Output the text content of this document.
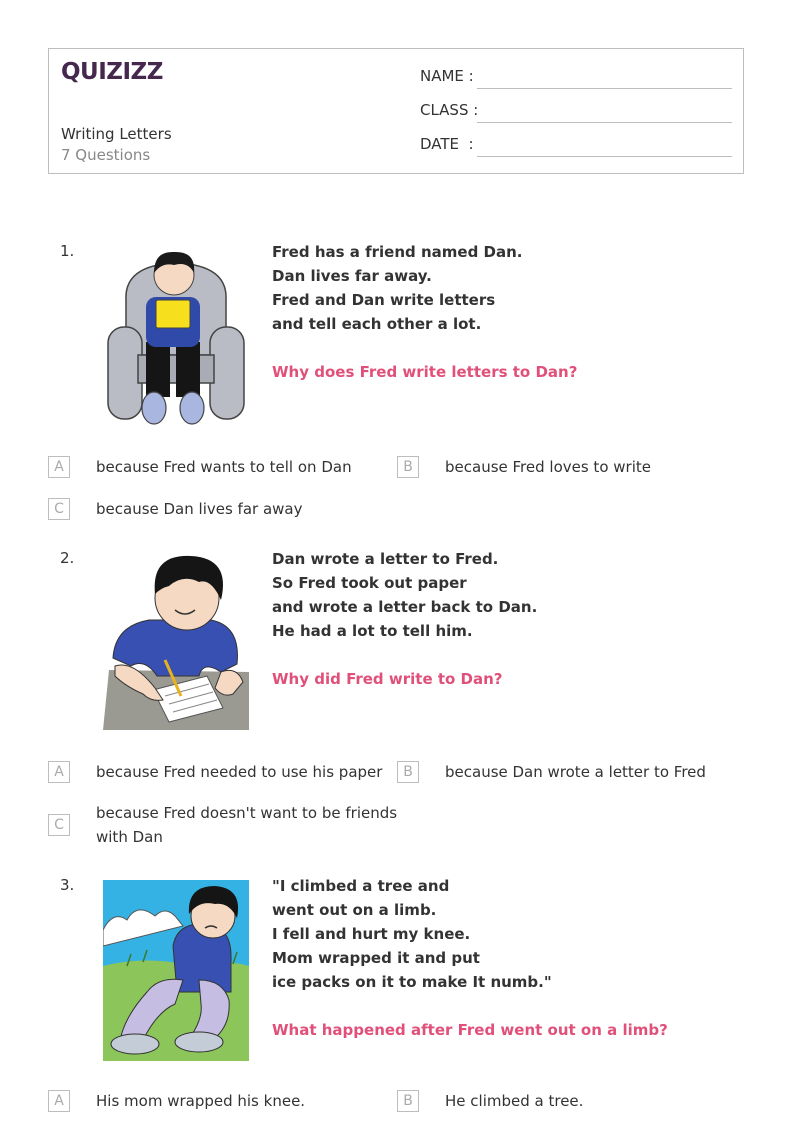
QUIZIZZ
Writing Letters
7 Questions
NAME :
CLASS :
DATE  :
1.	Fred has a friend named Dan.
Dan lives far away.
Fred and Dan write letters
and tell each other a lot.
Why does Fred write letters to Dan?
A	because Fred wants to tell on Dan	B	because Fred loves to write
C	because Dan lives far away
2.	Dan wrote a letter to Fred.
So Fred took out paper
and wrote a letter back to Dan.
He had a lot to tell him.
Why did Fred write to Dan?
A	because Fred needed to use his paper	B	because Dan wrote a letter to Fred
C
because Fred doesn't want to be friends
with Dan
3.	"I climbed a tree and
went out on a limb.
I fell and hurt my knee.
Mom wrapped it and put
ice packs on it to make It numb."
What happened after Fred went out on a limb?
A	His mom wrapped his knee.	B	He climbed a tree.
